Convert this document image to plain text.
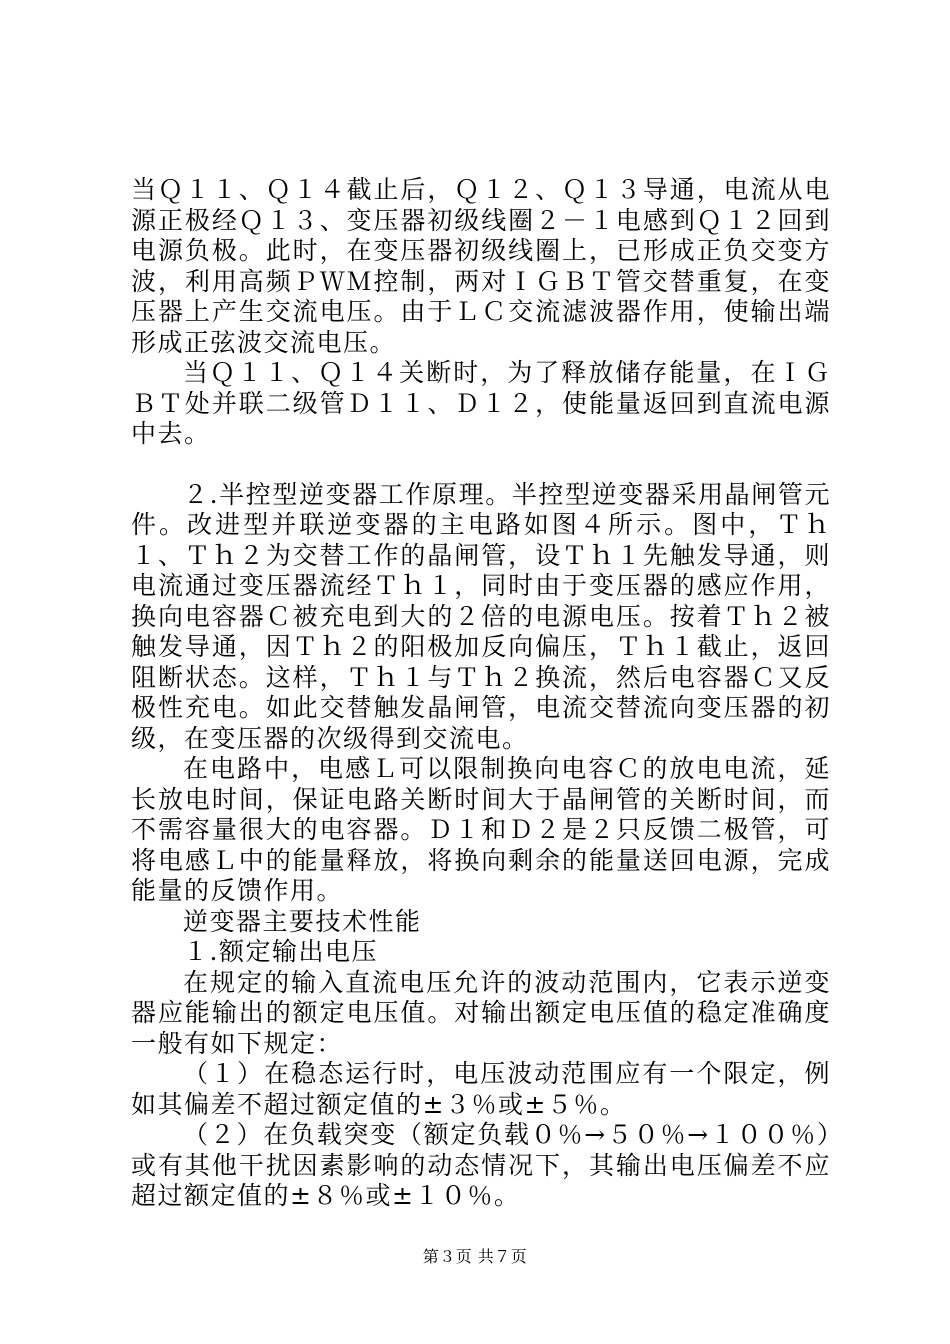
当Ｑ１１、Ｑ１４截止后，Ｑ１２、Ｑ１３导通，电流从电源正极经Ｑ１３、变压器初级线圈２－１电感到Ｑ１２回到电源负极。此时，在变压器初级线圈上，已形成正负交变方波，利用高频ＰＷＭ控制，两对ＩＧＢＴ管交替重复，在变压器上产生交流电压。由于ＬＣ交流滤波器作用，使输出端形成正弦波交流电压。

当Ｑ１１、Ｑ１４关断时，为了释放储存能量，在ＩＧＢＴ处并联二级管Ｄ１１、Ｄ１２，使能量返回到直流电源中去。

２.半控型逆变器工作原理。半控型逆变器采用晶闸管元件。改进型并联逆变器的主电路如图４所示。图中，Ｔｈ１、Ｔｈ２为交替工作的晶闸管，设Ｔｈ１先触发导通，则电流通过变压器流经Ｔｈ１，同时由于变压器的感应作用，换向电容器Ｃ被充电到大的２倍的电源电压。按着Ｔｈ２被触发导通，因Ｔｈ２的阳极加反向偏压，Ｔｈ１截止，返回阻断状态。这样，Ｔｈ１与Ｔｈ２换流，然后电容器Ｃ又反极性充电。如此交替触发晶闸管，电流交替流向变压器的初级，在变压器的次级得到交流电。

在电路中，电感Ｌ可以限制换向电容Ｃ的放电电流，延长放电时间，保证电路关断时间大于晶闸管的关断时间，而不需容量很大的电容器。Ｄ１和Ｄ２是２只反馈二极管，可将电感Ｌ中的能量释放，将换向剩余的能量送回电源，完成能量的反馈作用。

逆变器主要技术性能

１.额定输出电压

在规定的输入直流电压允许的波动范围内，它表示逆变器应能输出的额定电压值。对输出额定电压值的稳定准确度一般有如下规定：

（１）在稳态运行时，电压波动范围应有一个限定，例如其偏差不超过额定值的±３％或±５％。

（２）在负载突变（额定负载０％→５０％→１００％）或有其他干扰因素影响的动态情况下，其输出电压偏差不应超过额定值的±８％或±１０％。

第３页 共７页
